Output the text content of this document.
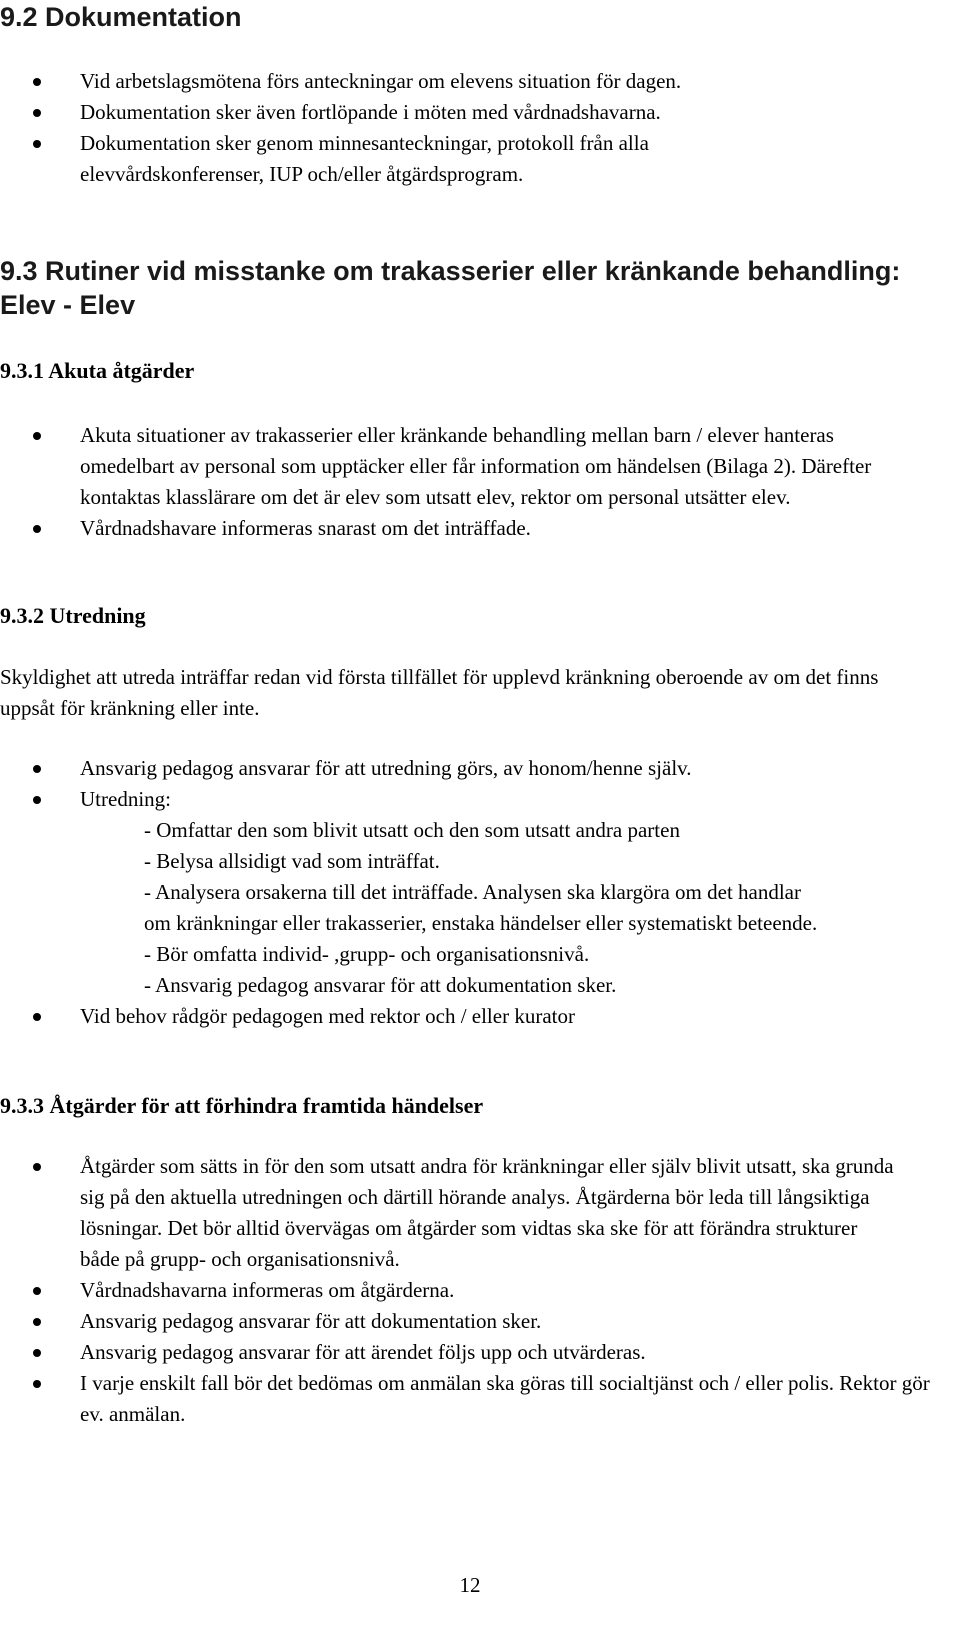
9.2 Dokumentation
Vid arbetslagsmötena förs anteckningar om elevens situation för dagen.
Dokumentation sker även fortlöpande i möten med vårdnadshavarna.
Dokumentation sker genom minnesanteckningar, protokoll från alla elevvårdskonferenser, IUP och/eller åtgärdsprogram.
9.3 Rutiner vid misstanke om trakasserier eller kränkande behandling: Elev - Elev
9.3.1 Akuta åtgärder
Akuta situationer av trakasserier eller kränkande behandling mellan barn / elever hanteras omedelbart av personal som upptäcker eller får information om händelsen (Bilaga 2). Därefter kontaktas klasslärare om det är elev som utsatt elev, rektor om personal utsätter elev.
Vårdnadshavare informeras snarast om det inträffade.
9.3.2 Utredning

Skyldighet att utreda inträffar redan vid första tillfället för upplevd kränkning oberoende av om det finns uppsåt för kränkning eller inte.

Ansvarig pedagog ansvarar för att utredning görs, av honom/henne själv.
Utredning:
- Omfattar den som blivit utsatt och den som utsatt andra parten
- Belysa allsidigt vad som inträffat.
- Analysera orsakerna till det inträffade. Analysen ska klargöra om det handlar om kränkningar eller trakasserier, enstaka händelser eller systematiskt beteende.
- Bör omfatta individ- ,grupp- och organisationsnivå.
- Ansvarig pedagog ansvarar för att dokumentation sker.
Vid behov rådgör pedagogen med rektor och / eller kurator
9.3.3 Åtgärder för att förhindra framtida händelser
Åtgärder som sätts in för den som utsatt andra för kränkningar eller själv blivit utsatt, ska grunda sig på den aktuella utredningen och därtill hörande analys. Åtgärderna bör leda till långsiktiga lösningar. Det bör alltid övervägas om åtgärder som vidtas ska ske för att förändra strukturer både på grupp- och organisationsnivå.
Vårdnadshavarna informeras om åtgärderna.
Ansvarig pedagog ansvarar för att dokumentation sker.
Ansvarig pedagog ansvarar för att ärendet följs upp och utvärderas.
I varje enskilt fall bör det bedömas om anmälan ska göras till socialtjänst och / eller polis. Rektor gör ev. anmälan.
12
